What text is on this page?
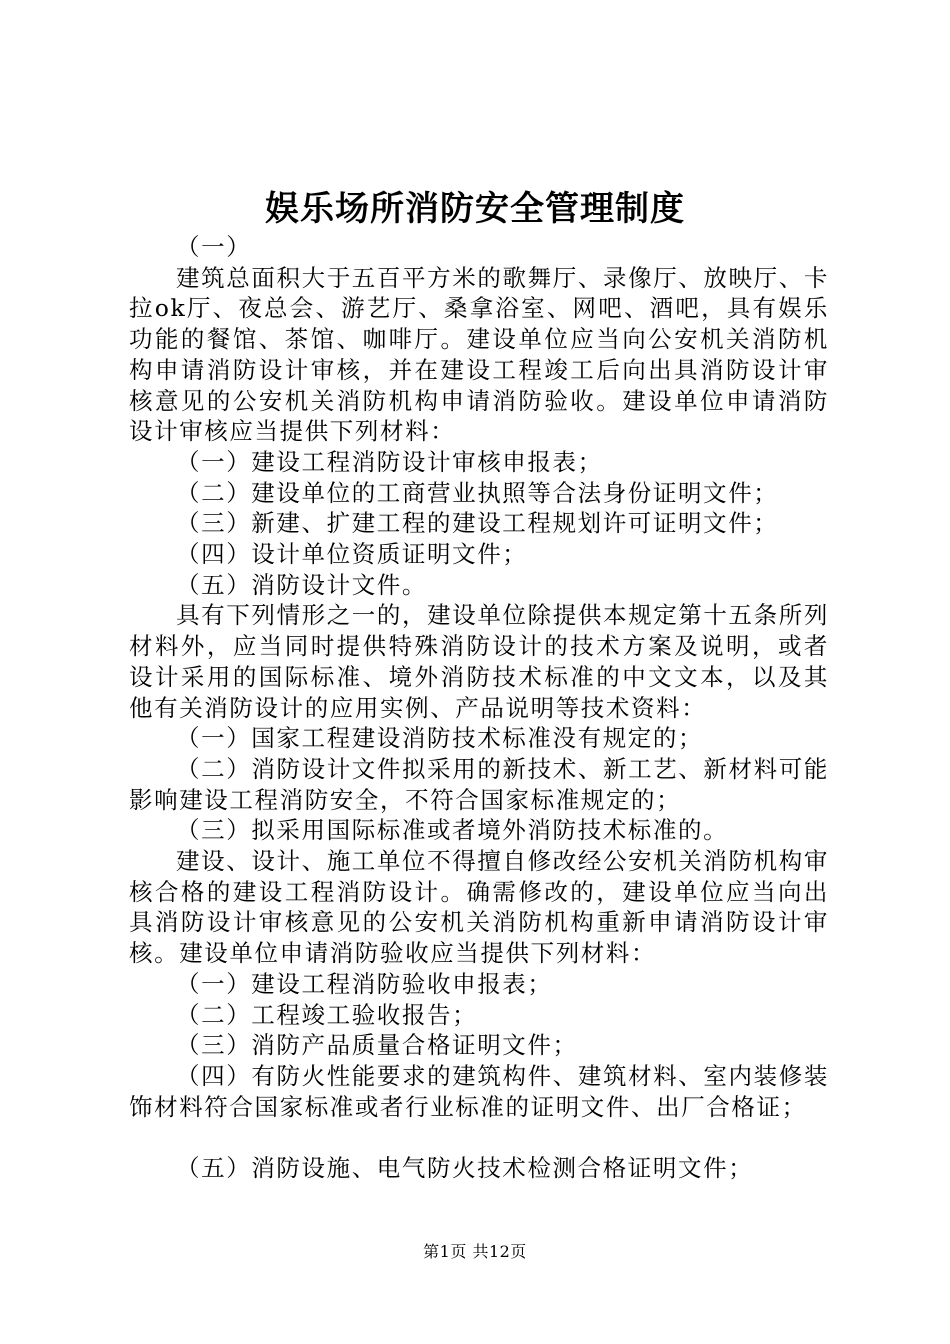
娱乐场所消防安全管理制度

（一）

建筑总面积大于五百平方米的歌舞厅、录像厅、放映厅、卡拉ok厅、夜总会、游艺厅、桑拿浴室、网吧、酒吧，具有娱乐功能的餐馆、茶馆、咖啡厅。建设单位应当向公安机关消防机构申请消防设计审核，并在建设工程竣工后向出具消防设计审核意见的公安机关消防机构申请消防验收。建设单位申请消防设计审核应当提供下列材料：

（一）建设工程消防设计审核申报表；

（二）建设单位的工商营业执照等合法身份证明文件；

（三）新建、扩建工程的建设工程规划许可证明文件；

（四）设计单位资质证明文件；

（五）消防设计文件。

具有下列情形之一的，建设单位除提供本规定第十五条所列材料外，应当同时提供特殊消防设计的技术方案及说明，或者设计采用的国际标准、境外消防技术标准的中文文本，以及其他有关消防设计的应用实例、产品说明等技术资料：

（一）国家工程建设消防技术标准没有规定的；

（二）消防设计文件拟采用的新技术、新工艺、新材料可能影响建设工程消防安全，不符合国家标准规定的；

（三）拟采用国际标准或者境外消防技术标准的。

建设、设计、施工单位不得擅自修改经公安机关消防机构审核合格的建设工程消防设计。确需修改的，建设单位应当向出具消防设计审核意见的公安机关消防机构重新申请消防设计审核。建设单位申请消防验收应当提供下列材料：

（一）建设工程消防验收申报表；

（二）工程竣工验收报告；

（三）消防产品质量合格证明文件；

（四）有防火性能要求的建筑构件、建筑材料、室内装修装饰材料符合国家标准或者行业标准的证明文件、出厂合格证；

（五）消防设施、电气防火技术检测合格证明文件；

第1页 共12页
